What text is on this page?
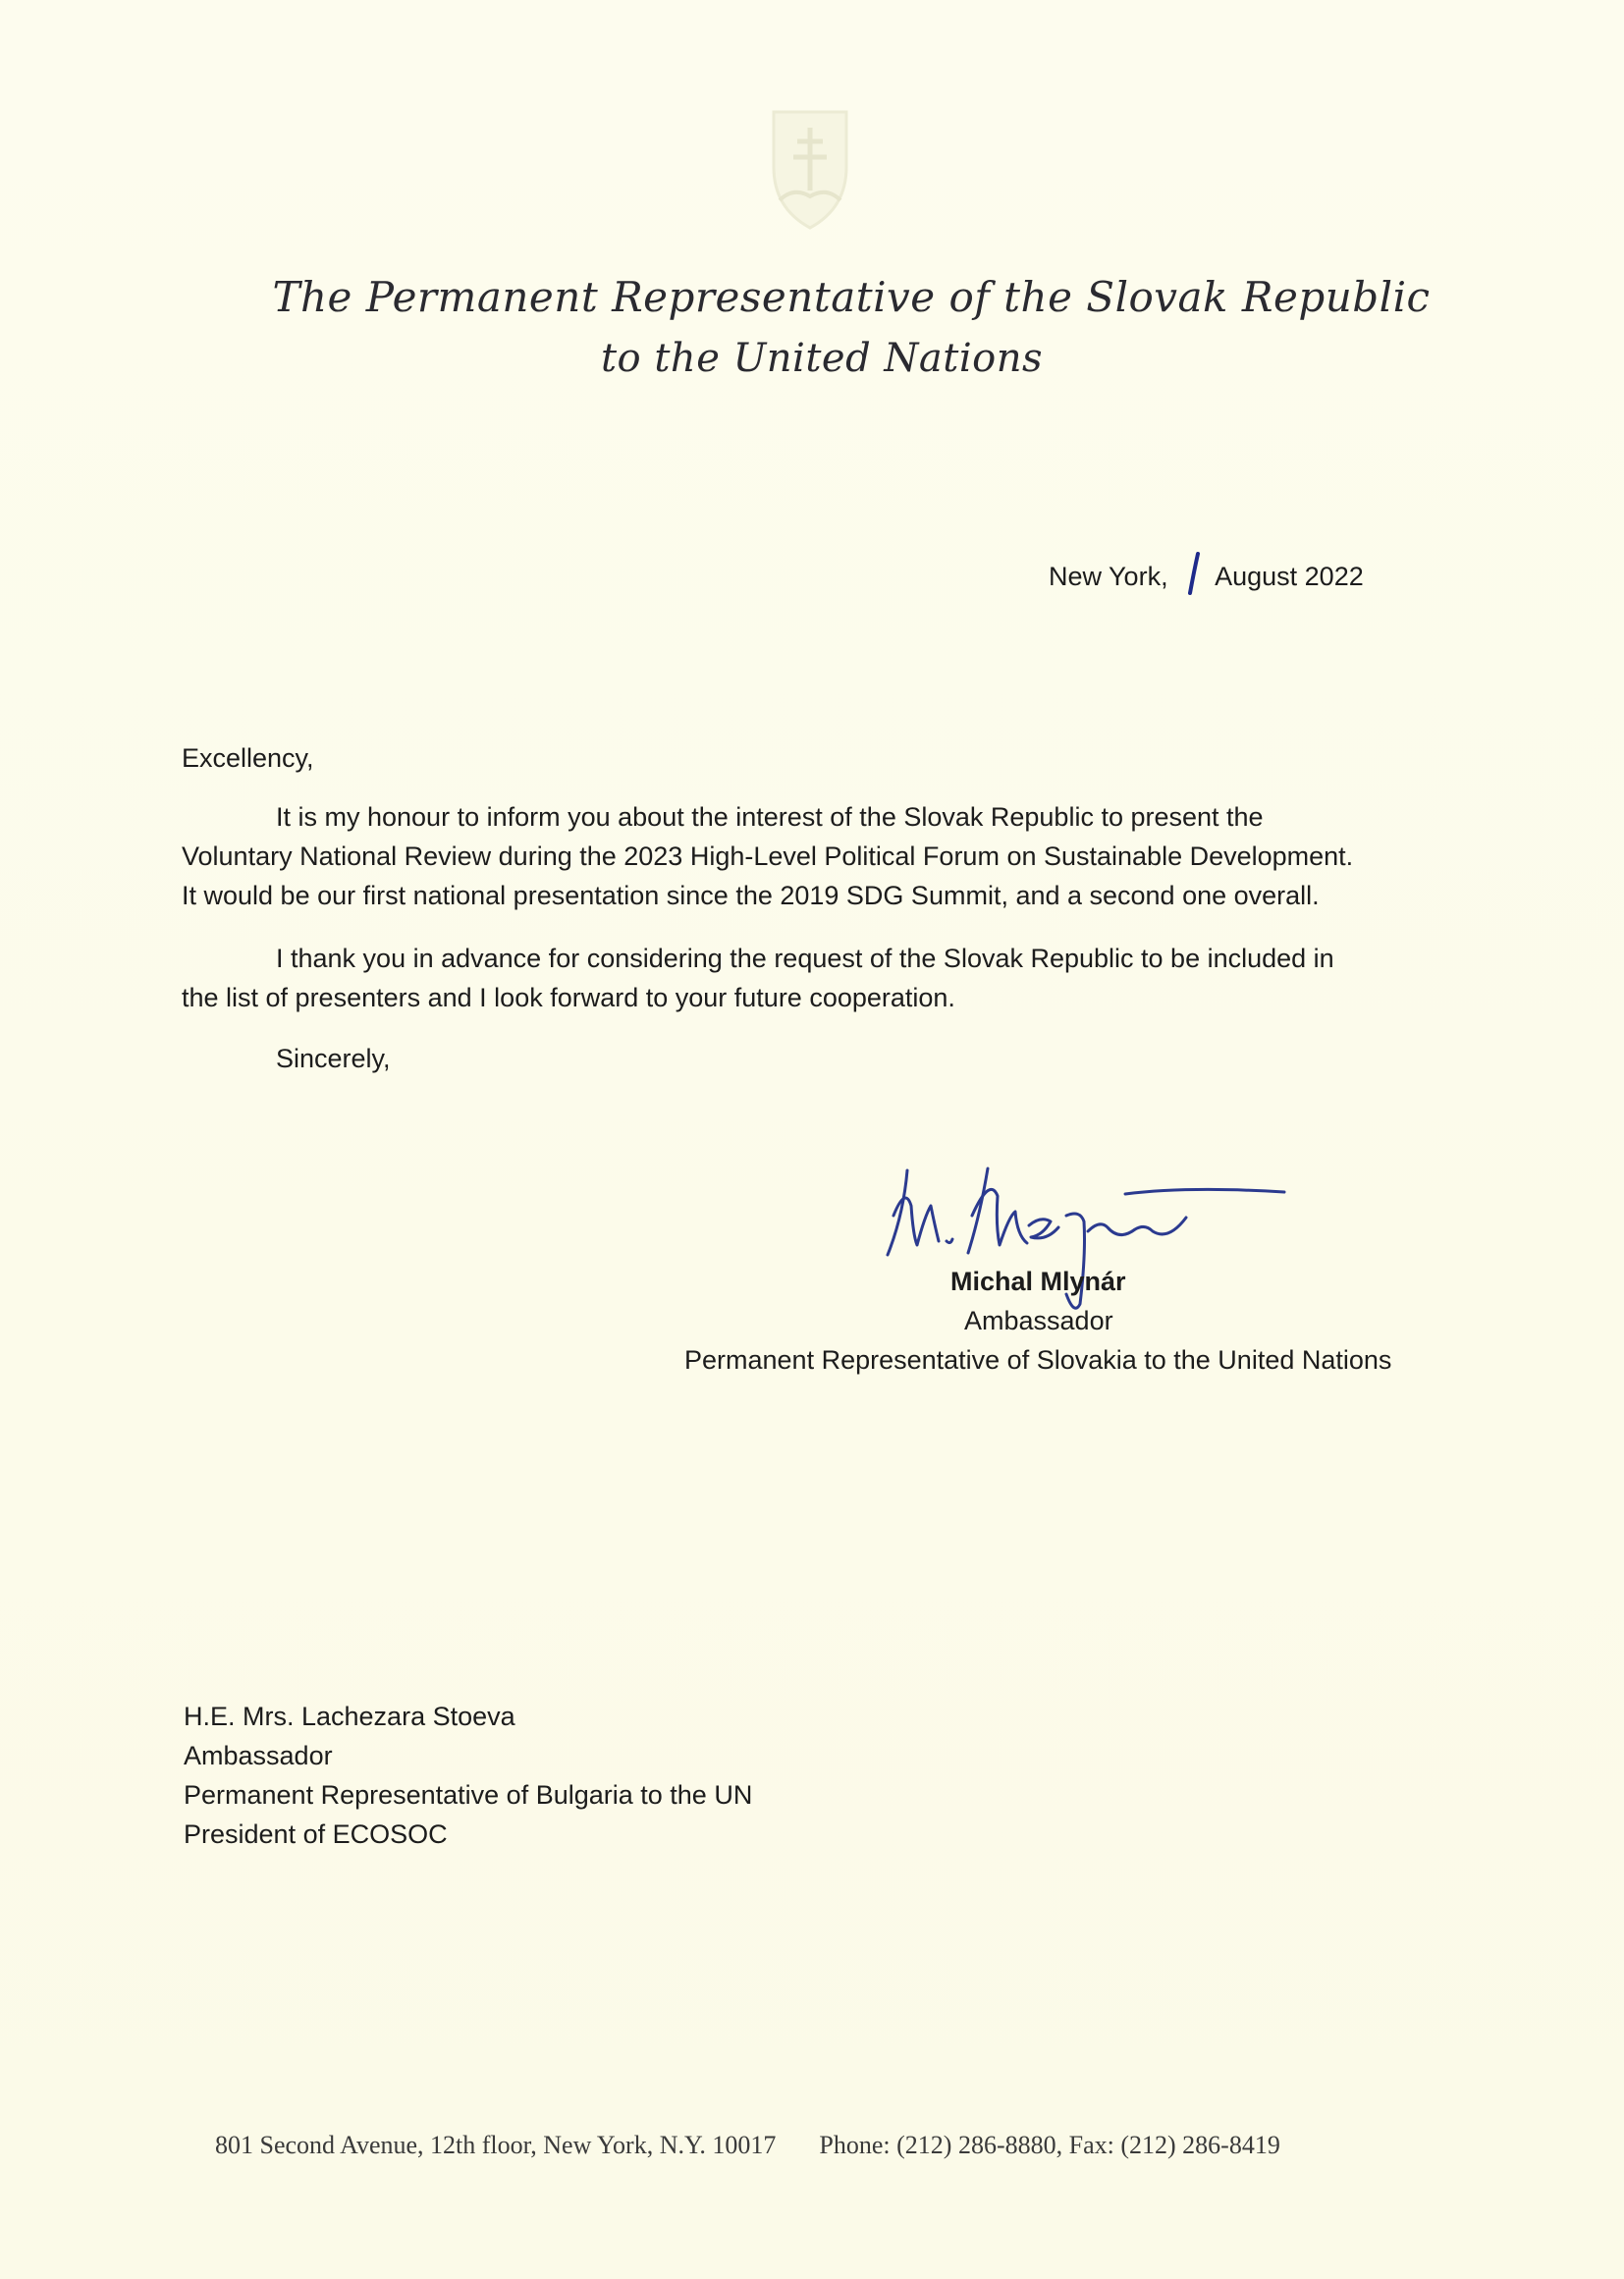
The Permanent Representative of the Slovak Republic
to the United Nations
New York, August 2022
Excellency,
It is my honour to inform you about the interest of the Slovak Republic to present the
Voluntary National Review during the 2023 High-Level Political Forum on Sustainable Development.
It would be our first national presentation since the 2019 SDG Summit, and a second one overall.
I thank you in advance for considering the request of the Slovak Republic to be included in
the list of presenters and I look forward to your future cooperation.
Sincerely,
Michal Mlynár
Ambassador
Permanent Representative of Slovakia to the United Nations
H.E. Mrs. Lachezara Stoeva
Ambassador
Permanent Representative of Bulgaria to the UN
President of ECOSOC
801 Second Avenue, 12th floor, New York, N.Y. 10017 Phone: (212) 286-8880, Fax: (212) 286-8419
